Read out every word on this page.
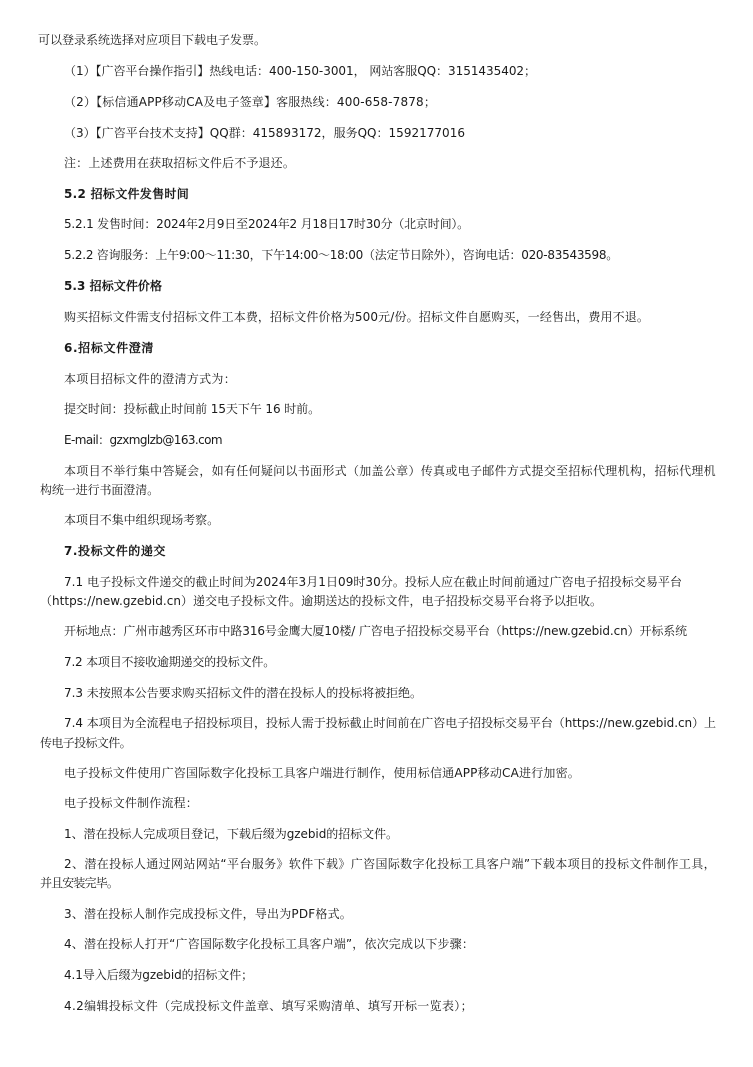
可以登录系统选择对应项目下载电子发票。
（1）【广咨平台操作指引】热线电话：400-150-3001， 网站客服QQ：3151435402；
（2）【标信通APP移动CA及电子签章】客服热线：400-658-7878；
（3）【广咨平台技术支持】QQ群：415893172，服务QQ：1592177016
注：上述费用在获取招标文件后不予退还。
5.2 招标文件发售时间
5.2.1 发售时间：2024年2月9日至2024年2 月18日17时30分（北京时间）。
5.2.2 咨询服务：上午9:00～11:30，下午14:00～18:00（法定节日除外），咨询电话：020-83543598。
5.3 招标文件价格
购买招标文件需支付招标文件工本费，招标文件价格为500元/份。招标文件自愿购买，一经售出，费用不退。
6.招标文件澄清
本项目招标文件的澄清方式为：
提交时间：投标截止时间前 15天下午 16 时前。
E-mail：gzxmglzb@163.com
本项目不举行集中答疑会，如有任何疑问以书面形式（加盖公章）传真或电子邮件方式提交至招标代理机构，招标代理机
构统一进行书面澄清。
本项目不集中组织现场考察。
7.投标文件的递交
7.1 电子投标文件递交的截止时间为2024年3月1日09时30分。投标人应在截止时间前通过广咨电子招投标交易平台
（https://new.gzebid.cn）递交电子投标文件。逾期送达的投标文件，电子招投标交易平台将予以拒收。
开标地点：广州市越秀区环市中路316号金鹰大厦10楼/ 广咨电子招投标交易平台（https://new.gzebid.cn）开标系统
7.2 本项目不接收逾期递交的投标文件。
7.3 未按照本公告要求购买招标文件的潜在投标人的投标将被拒绝。
7.4 本项目为全流程电子招投标项目，投标人需于投标截止时间前在广咨电子招投标交易平台（https://new.gzebid.cn）上
传电子投标文件。
电子投标文件使用广咨国际数字化投标工具客户端进行制作，使用标信通APP移动CA进行加密。
电子投标文件制作流程：
1、潜在投标人完成项目登记，下载后缀为gzebid的招标文件。
2、潜在投标人通过网站网站“平台服务》软件下载》广咨国际数字化投标工具客户端”下载本项目的投标文件制作工具，
并且安装完毕。
3、潜在投标人制作完成投标文件，导出为PDF格式。
4、潜在投标人打开“广咨国际数字化投标工具客户端”，依次完成以下步骤：
4.1导入后缀为gzebid的招标文件；
4.2编辑投标文件（完成投标文件盖章、填写采购清单、填写开标一览表）；
